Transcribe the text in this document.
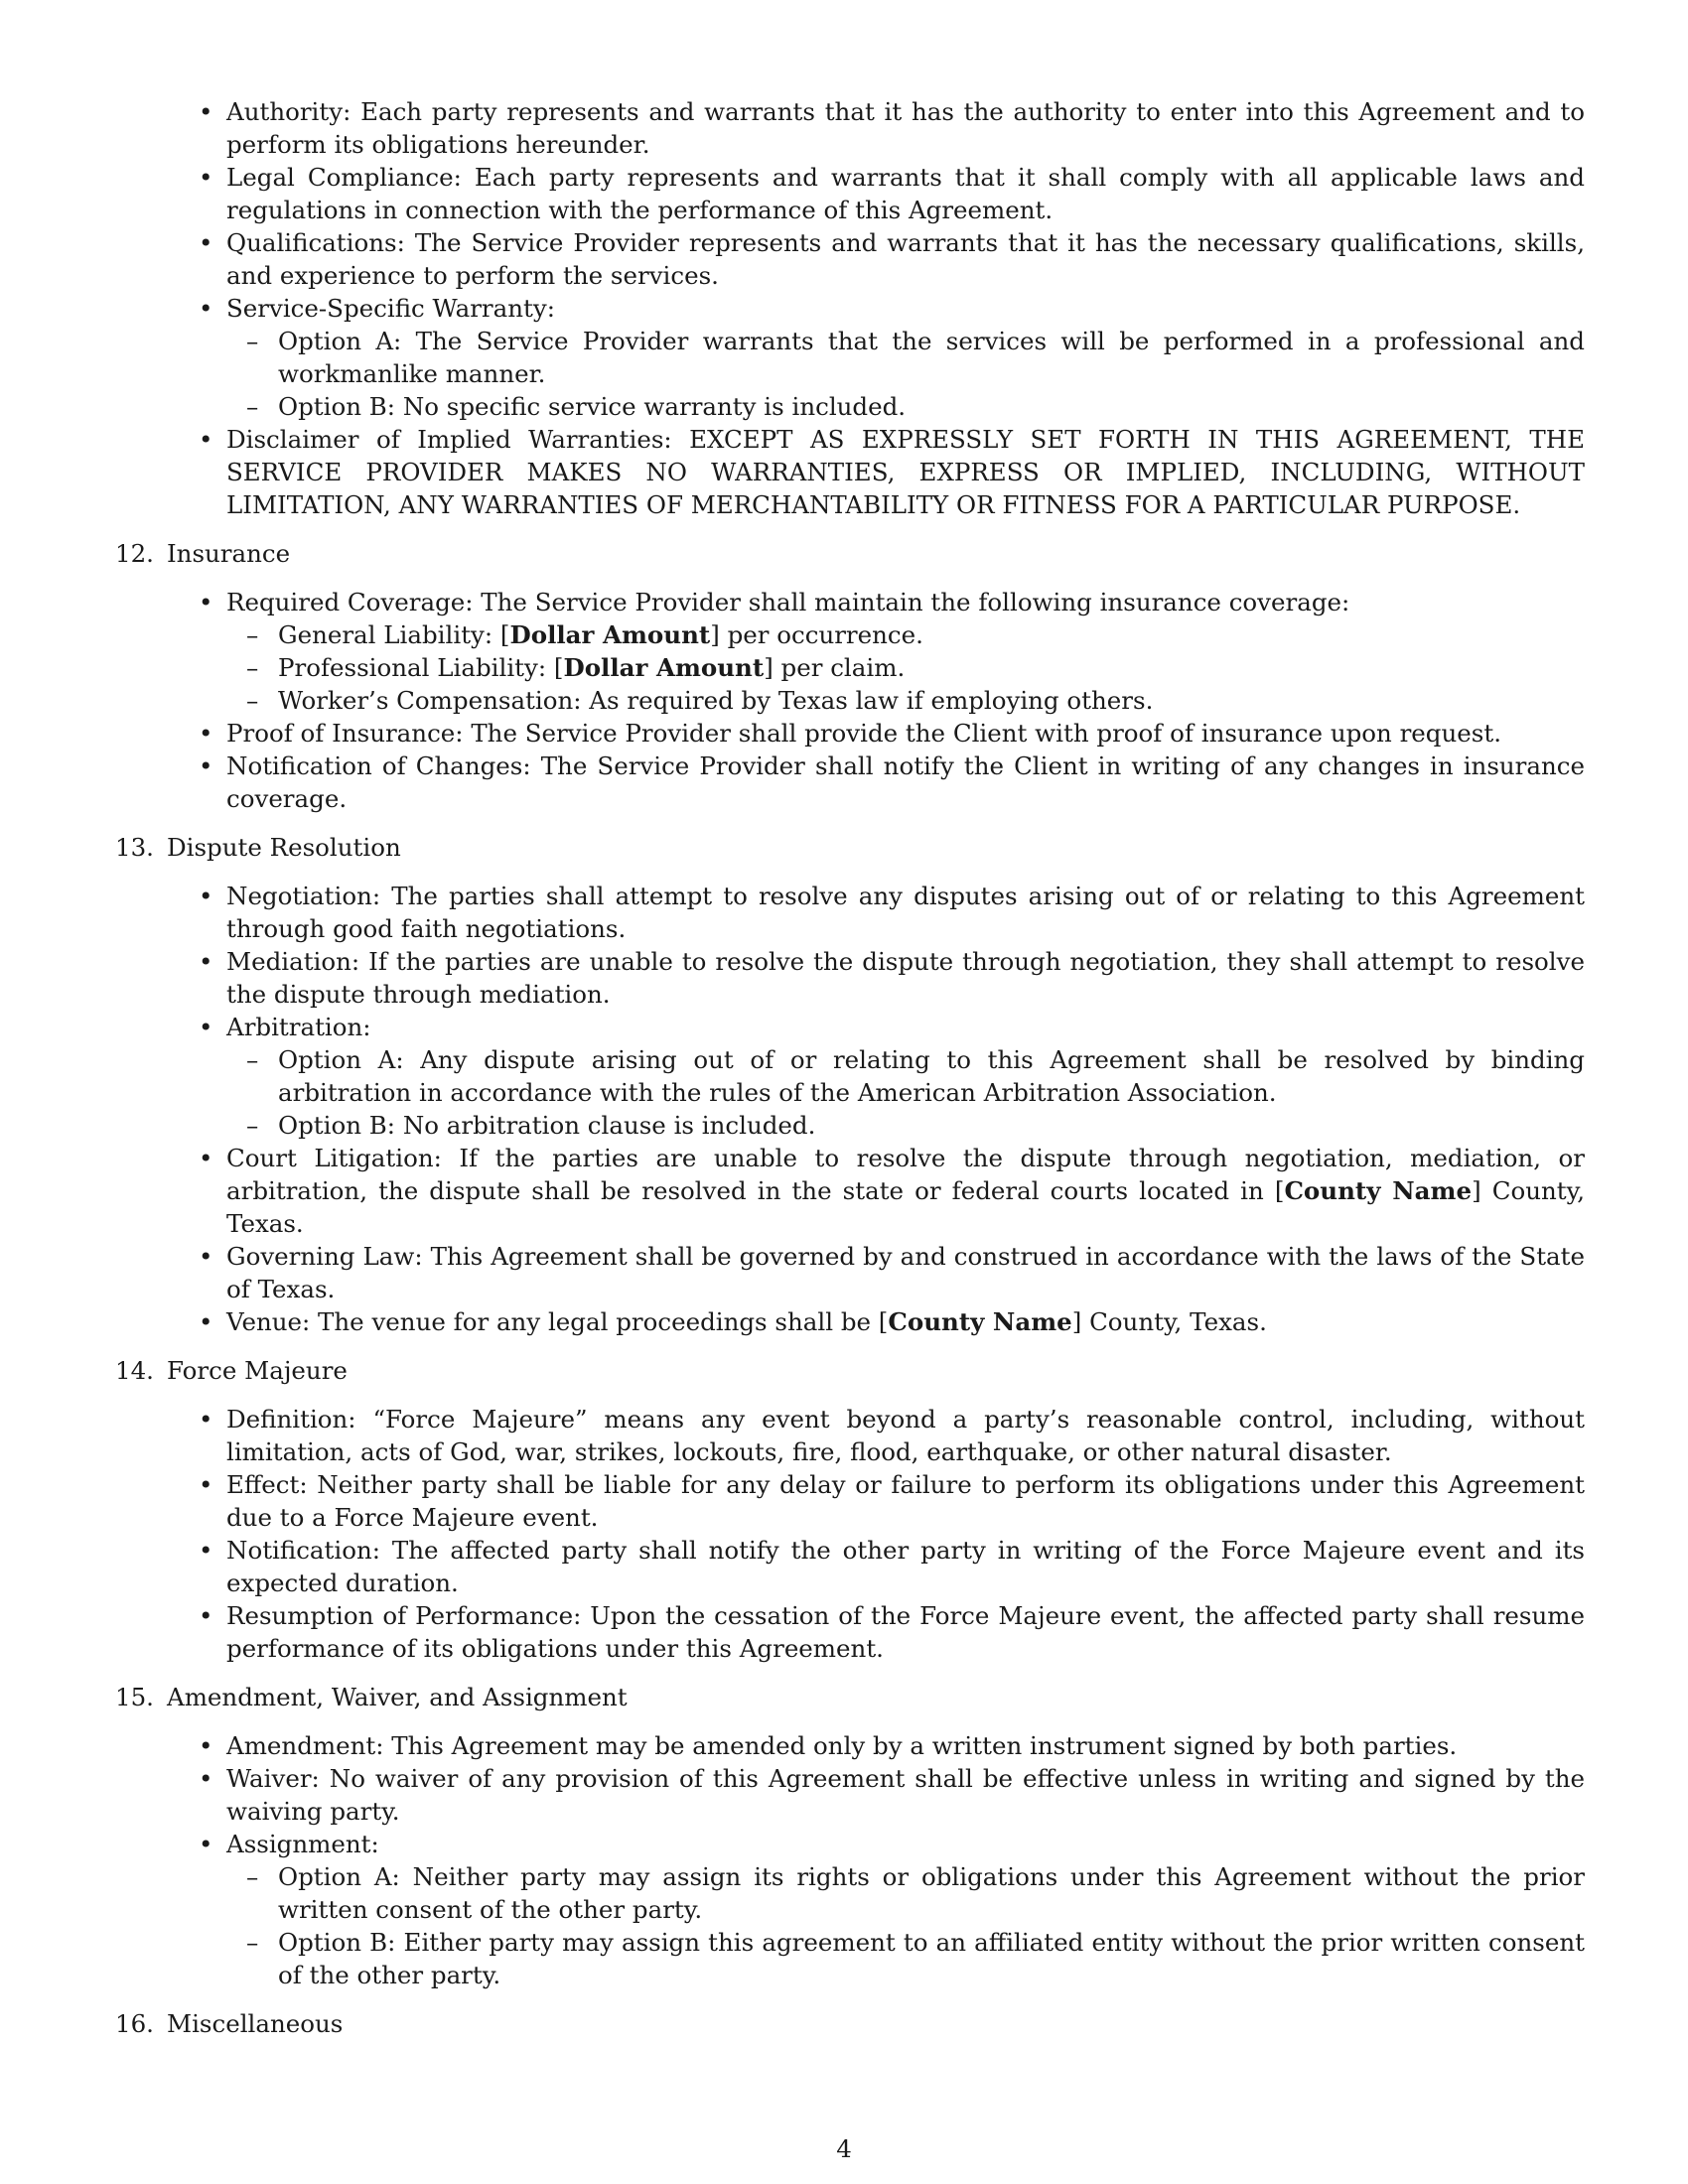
• Authority: Each party represents and warrants that it has the authority to enter into this Agreement and to perform its obligations hereunder.
• Legal Compliance: Each party represents and warrants that it shall comply with all applicable laws and regulations in connection with the performance of this Agreement.
• Qualifications: The Service Provider represents and warrants that it has the necessary qualifications, skills, and experience to perform the services.
• Service-Specific Warranty:
– Option A: The Service Provider warrants that the services will be performed in a professional and workmanlike manner.
– Option B: No specific service warranty is included.
• Disclaimer of Implied Warranties: EXCEPT AS EXPRESSLY SET FORTH IN THIS AGREEMENT, THE SERVICE PROVIDER MAKES NO WARRANTIES, EXPRESS OR IMPLIED, INCLUDING, WITHOUT LIMITATION, ANY WARRANTIES OF MERCHANTABILITY OR FITNESS FOR A PARTICULAR PURPOSE.
12. Insurance
• Required Coverage: The Service Provider shall maintain the following insurance coverage:
– General Liability: [Dollar Amount] per occurrence.
– Professional Liability: [Dollar Amount] per claim.
– Worker’s Compensation: As required by Texas law if employing others.
• Proof of Insurance: The Service Provider shall provide the Client with proof of insurance upon request.
• Notification of Changes: The Service Provider shall notify the Client in writing of any changes in insurance coverage.
13. Dispute Resolution
• Negotiation: The parties shall attempt to resolve any disputes arising out of or relating to this Agreement through good faith negotiations.
• Mediation: If the parties are unable to resolve the dispute through negotiation, they shall attempt to resolve the dispute through mediation.
• Arbitration:
– Option A: Any dispute arising out of or relating to this Agreement shall be resolved by binding arbitration in accordance with the rules of the American Arbitration Association.
– Option B: No arbitration clause is included.
• Court Litigation: If the parties are unable to resolve the dispute through negotiation, mediation, or arbitration, the dispute shall be resolved in the state or federal courts located in [County Name] County, Texas.
• Governing Law: This Agreement shall be governed by and construed in accordance with the laws of the State of Texas.
• Venue: The venue for any legal proceedings shall be [County Name] County, Texas.
14. Force Majeure
• Definition: “Force Majeure” means any event beyond a party’s reasonable control, including, without limitation, acts of God, war, strikes, lockouts, fire, flood, earthquake, or other natural disaster.
• Effect: Neither party shall be liable for any delay or failure to perform its obligations under this Agreement due to a Force Majeure event.
• Notification: The affected party shall notify the other party in writing of the Force Majeure event and its expected duration.
• Resumption of Performance: Upon the cessation of the Force Majeure event, the affected party shall resume performance of its obligations under this Agreement.
15. Amendment, Waiver, and Assignment
• Amendment: This Agreement may be amended only by a written instrument signed by both parties.
• Waiver: No waiver of any provision of this Agreement shall be effective unless in writing and signed by the waiving party.
• Assignment:
– Option A: Neither party may assign its rights or obligations under this Agreement without the prior written consent of the other party.
– Option B: Either party may assign this agreement to an affiliated entity without the prior written consent of the other party.
16. Miscellaneous
4
